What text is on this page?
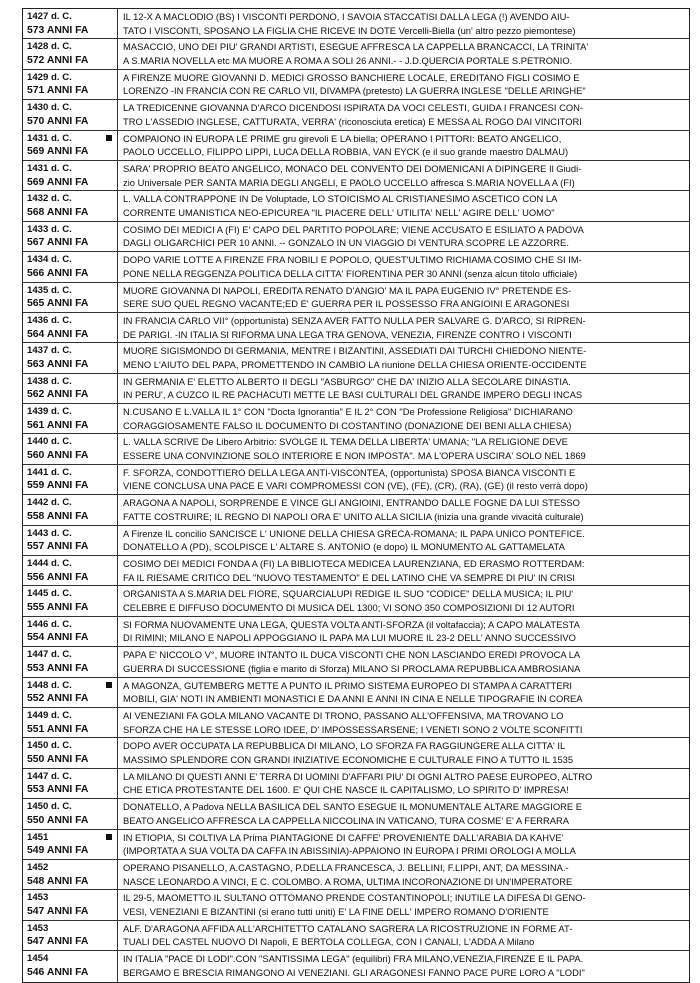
1427 d. C.
573 ANNI FA
IL 12-X A MACLODIO (BS) I VISCONTI PERDONO, I SAVOIA STACCATISI DALLA LEGA (!) AVENDO AIU-
TATO I VISCONTI, SPOSANO LA FIGLIA CHE RICEVE IN DOTE Vercelli-Biella (un' altro pezzo piemontese)
1428 d. C.
572 ANNI FA
MASACCIO, UNO DEI PIU' GRANDI ARTISTI, ESEGUE AFFRESCA LA CAPPELLA BRANCACCI, LA TRINITA'
A S.MARIA NOVELLA etc MA MUORE A ROMA A SOLI 26 ANNI.- - J.D.QUERCIA PORTALE S.PETRONIO.
1429 d. C.
571 ANNI FA
A FIRENZE MUORE GIOVANNI D. MEDICI GROSSO BANCHIERE LOCALE, EREDITANO FIGLI COSIMO E
LORENZO -IN FRANCIA CON RE CARLO VII, DIVAMPA (pretesto) LA GUERRA INGLESE "DELLE ARINGHE"
1430 d. C.
570 ANNI FA
LA TREDICENNE GIOVANNA D'ARCO DICENDOSI ISPIRATA DA VOCI CELESTI, GUIDA I FRANCESI CON-
TRO L'ASSEDIO INGLESE, CATTURATA, VERRA' (riconosciuta eretica) E MESSA AL ROGO DAI VINCITORI
1431 d. C.
569 ANNI FA
COMPAIONO IN EUROPA LE PRIME gru girevoli E LA biella; OPERANO I PITTORI: BEATO ANGELICO,
PAOLO UCCELLO, FILIPPO LIPPI, LUCA DELLA ROBBIA, VAN EYCK (e il suo grande maestro DALMAU)
1431 d. C.
569 ANNI FA
SARA' PROPRIO BEATO ANGELICO, MONACO DEL CONVENTO DEI DOMENICANI A DIPINGERE Il Giudi-
zio Universale PER SANTA MARIA DEGLI ANGELI, E PAOLO UCCELLO affresca S.MARIA NOVELLA A (FI)
1432 d. C.
568 ANNI FA
L. VALLA CONTRAPPONE IN De Voluptade, LO STOICISMO AL CRISTIANESIMO ASCETICO CON LA
CORRENTE UMANISTICA NEO-EPICUREA "IL PIACERE DELL' UTILITA' NELL' AGIRE DELL' UOMO"
1433 d. C.
567 ANNI FA
COSIMO DEI MEDICI A (FI) E' CAPO DEL PARTITO POPOLARE; VIENE ACCUSATO E ESILIATO A PADOVA
DAGLI OLIGARCHICI PER 10 ANNI. -- GONZALO IN UN VIAGGIO DI VENTURA SCOPRE LE AZZORRE.
1434 d. C.
566 ANNI FA
DOPO VARIE LOTTE A FIRENZE FRA NOBILI E POPOLO, QUEST'ULTIMO RICHIAMA COSIMO CHE SI IM-
PONE NELLA REGGENZA POLITICA DELLA CITTA' FIORENTINA PER 30 ANNI (senza alcun titolo ufficiale)
1435 d. C.
565 ANNI FA
MUORE GIOVANNA DI NAPOLI, EREDITA RENATO D'ANGIO' MA IL PAPA EUGENIO IV° PRETENDE ES-
SERE SUO QUEL REGNO VACANTE;ED E' GUERRA PER IL POSSESSO FRA ANGIOINI E ARAGONESI
1436 d. C.
564 ANNI FA
IN FRANCIA CARLO VII° (opportunista) SENZA AVER FATTO NULLA PER SALVARE G. D'ARCO, SI RIPREN-
DE PARIGI. -IN ITALIA SI RIFORMA UNA LEGA TRA GENOVA, VENEZIA, FIRENZE CONTRO I VISCONTI
1437 d. C.
563 ANNI FA
MUORE SIGISMONDO DI GERMANIA, MENTRE I BIZANTINI, ASSEDIATI DAI TURCHI CHIEDONO NIENTE-
MENO L'AIUTO DEL PAPA, PROMETTENDO IN CAMBIO LA riunione DELLA CHIESA ORIENTE-OCCIDENTE
1438 d. C.
562 ANNI FA
IN GERMANIA E' ELETTO ALBERTO II DEGLI "ASBURGO" CHE DA' INIZIO ALLA SECOLARE DINASTIA.
IN PERU', A CUZCO IL RE PACHACUTI METTE LE BASI CULTURALI DEL GRANDE IMPERO DEGLI INCAS
1439 d. C.
561 ANNI FA
N.CUSANO E L.VALLA IL 1° CON "Docta Ignorantia" E IL 2° CON "De Professione Religiosa" DICHIARANO
CORAGGIOSAMENTE FALSO IL DOCUMENTO DI COSTANTINO (DONAZIONE DEI BENI ALLA CHIESA)
1440 d. C.
560 ANNI FA
L. VALLA SCRIVE De Libero Arbitrio: SVOLGE IL TEMA DELLA LIBERTA' UMANA; "LA RELIGIONE DEVE
ESSERE UNA CONVINZIONE SOLO INTERIORE E NON IMPOSTA". MA L'OPERA USCIRA' SOLO NEL 1869
1441 d. C.
559 ANNI FA
F. SFORZA, CONDOTTIERO DELLA LEGA ANTI-VISCONTEA, (opportunista) SPOSA BIANCA VISCONTI E
VIENE CONCLUSA UNA PACE E VARI COMPROMESSI CON (VE), (FE), (CR), (RA), (GE) (il resto verrà dopo)
1442 d. C.
558 ANNI FA
ARAGONA A NAPOLI, SORPRENDE E VINCE GLI ANGIOINI, ENTRANDO DALLE FOGNE DA LUI STESSO
FATTE COSTRUIRE; IL REGNO DI NAPOLI ORA E' UNITO ALLA SICILIA (inizia una grande vivacità culturale)
1443 d. C.
557 ANNI FA
A Firenze IL concilio SANCISCE L' UNIONE DELLA CHIESA GRECA-ROMANA; IL PAPA UNICO PONTEFICE.
DONATELLO A (PD), SCOLPISCE L' ALTARE S. ANTONIO (e dopo) IL MONUMENTO AL GATTAMELATA
1444 d. C.
556 ANNI FA
COSIMO DEI MEDICI FONDA A (FI) LA BIBLIOTECA MEDICEA LAURENZIANA, ED ERASMO ROTTERDAM:
FA IL RIESAME CRITICO DEL "NUOVO TESTAMENTO" E DEL LATINO CHE VA SEMPRE DI PIU' IN CRISI
1445 d. C.
555 ANNI FA
ORGANISTA A S.MARIA DEL FIORE, SQUARCIALUPI REDIGE IL SUO "CODICE" DELLA MUSICA; IL PIU'
CELEBRE E DIFFUSO DOCUMENTO DI MUSICA DEL 1300; VI SONO 350 COMPOSIZIONI DI 12 AUTORI
1446 d. C.
554 ANNI FA
SI FORMA NUOVAMENTE UNA LEGA, QUESTA VOLTA ANTI-SFORZA (il voltafaccia); A CAPO MALATESTA
DI RIMINI; MILANO E NAPOLI APPOGGIANO IL PAPA MA LUI MUORE IL 23-2 DELL' ANNO SUCCESSIVO
1447 d. C.
553 ANNI FA
PAPA E' NICCOLO V°, MUORE INTANTO IL DUCA VISCONTI CHE NON LASCIANDO EREDI PROVOCA LA
GUERRA DI SUCCESSIONE (figlia e marito di Sforza) MILANO SI PROCLAMA REPUBBLICA AMBROSIANA
1448 d. C.
552 ANNI FA
A MAGONZA, GUTEMBERG METTE A PUNTO IL PRIMO SISTEMA EUROPEO DI STAMPA A CARATTERI
MOBILI, GIA' NOTI IN AMBIENTI MONASTICI E DA ANNI E ANNI IN CINA E NELLE TIPOGRAFIE IN COREA
1449 d. C.
551 ANNI FA
AI VENEZIANI FA GOLA MILANO VACANTE DI TRONO, PASSANO ALL'OFFENSIVA, MA TROVANO LO
SFORZA CHE HA LE STESSE LORO IDEE, D' IMPOSSESSARSENE; I VENETI SONO 2 VOLTE SCONFITTI
1450 d. C.
550 ANNI FA
DOPO AVER OCCUPATA LA REPUBBLICA DI MILANO, LO SFORZA FA RAGGIUNGERE ALLA CITTA' IL
MASSIMO SPLENDORE CON GRANDI INIZIATIVE ECONOMICHE E CULTURALE FINO A TUTTO IL 1535
1447 d. C.
553 ANNI FA
LA MILANO DI QUESTI ANNI E' TERRA DI UOMINI D'AFFARI PIU' DI OGNI ALTRO PAESE EUROPEO, ALTRO
CHE ETICA PROTESTANTE DEL 1600. E' QUI CHE NASCE IL CAPITALISMO, LO SPIRITO D' IMPRESA!
1450 d. C.
550 ANNI FA
DONATELLO, A Padova NELLA BASILICA DEL SANTO ESEGUE IL MONUMENTALE ALTARE MAGGIORE E
BEATO ANGELICO AFFRESCA LA CAPPELLA NICCOLINA IN VATICANO, TURA COSME' E' A FERRARA
1451
549 ANNI FA
IN ETIOPIA, SI COLTIVA LA Prima PIANTAGIONE DI CAFFE' PROVENIENTE DALL'ARABIA DA KAHVE'
(IMPORTATA A SUA VOLTA DA CAFFA IN ABISSINIA)-APPAIONO IN EUROPA I PRIMI OROLOGI A MOLLA
1452
548 ANNI FA
OPERANO PISANELLO, A.CASTAGNO, P.DELLA FRANCESCA, J. BELLINI, F.LIPPI, ANT, DA MESSINA.-
NASCE LEONARDO A VINCI, E C. COLOMBO. A ROMA, ULTIMA INCORONAZIONE DI UN'IMPERATORE
1453
547 ANNI FA
IL 29-5, MAOMETTO IL SULTANO OTTOMANO PRENDE COSTANTINOPOLI; INUTILE LA DIFESA DI GENO-
VESI, VENEZIANI E BIZANTINI (si erano tutti uniti) E' LA FINE DELL' IMPERO ROMANO D'ORIENTE
1453
547 ANNI FA
ALF. D'ARAGONA AFFIDA ALL'ARCHITETTO CATALANO SAGRERA LA RICOSTRUZIONE IN FORME AT-
TUALI DEL CASTEL NUOVO DI Napoli, E BERTOLA COLLEGA, CON I CANALI, L'ADDA A Milano
1454
546 ANNI FA
IN ITALIA "PACE DI LODI".CON "SANTISSIMA LEGA" (equilibri) FRA MILANO,VENEZIA,FIRENZE E IL PAPA.
BERGAMO E BRESCIA RIMANGONO AI VENEZIANI. GLI ARAGONESI FANNO PACE PURE LORO A "LODI"
